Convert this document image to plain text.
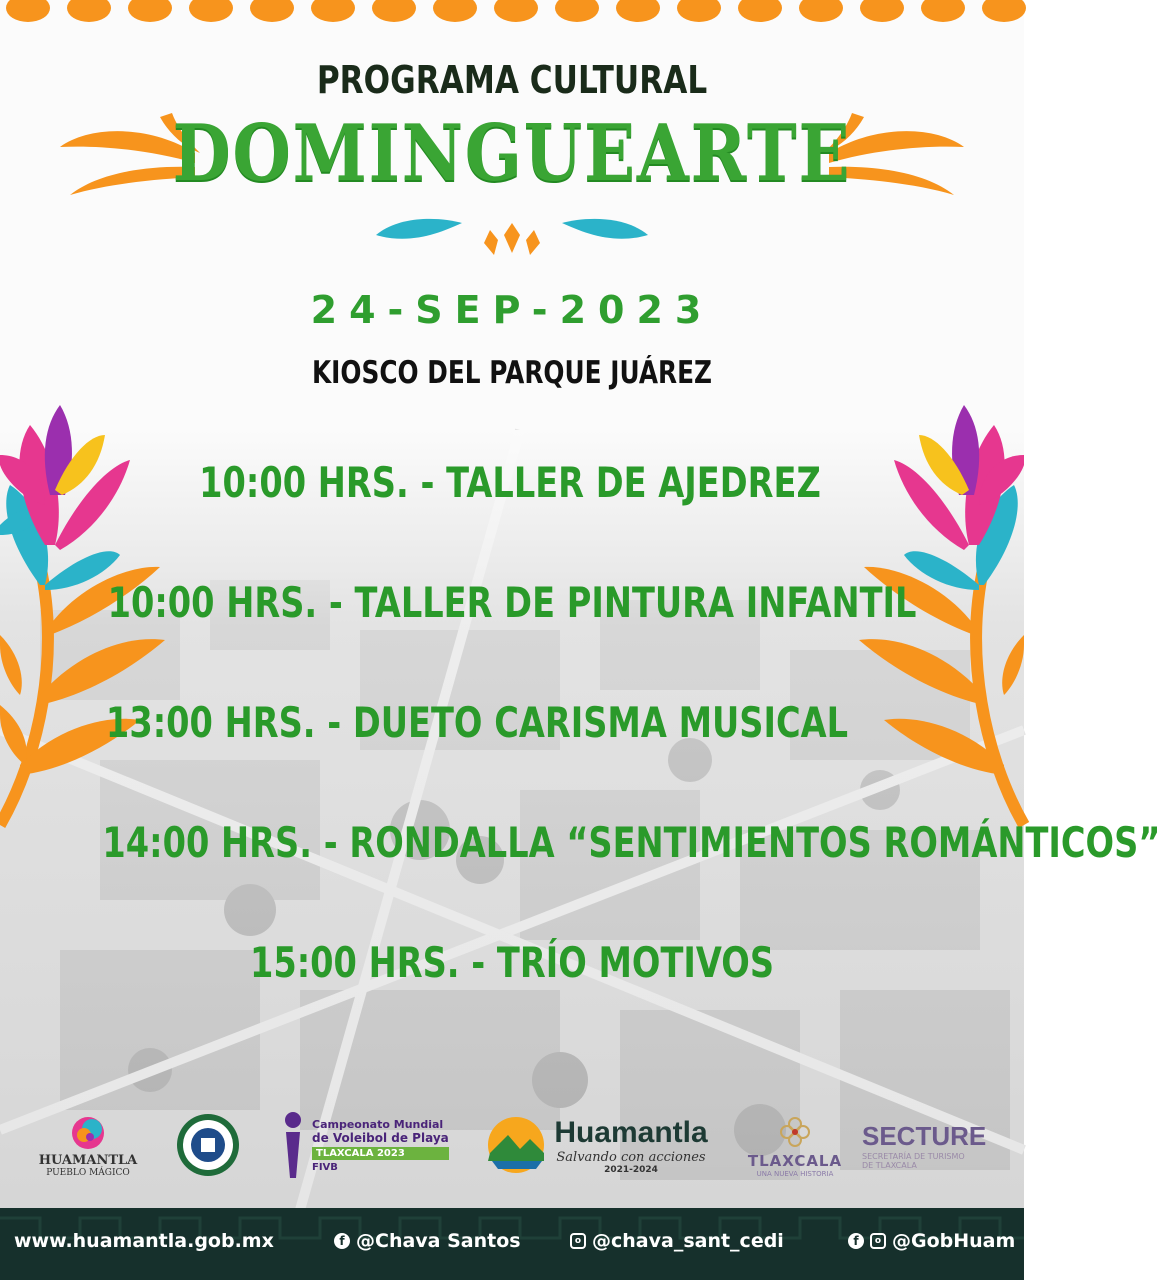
PROGRAMA CULTURAL
DOMINGUEARTE
24-SEP-2023
KIOSCO DEL PARQUE JUÁREZ
10:00 HRS. - TALLER DE AJEDREZ
10:00 HRS. - TALLER DE PINTURA INFANTIL
13:00 HRS. - DUETO CARISMA MUSICAL
14:00 HRS. - RONDALLA “SENTIMIENTOS ROMÁNTICOS”
15:00 HRS. - TRÍO MOTIVOS
HUAMANTLA
PUEBLO MÁGICO
Campeonato Mundial
de Voleibol de Playa
TLAXCALA 2023
FIVB
Huamantla
Salvando con acciones
2021-2024	TLAXCALA
UNA NUEVA HISTORIA
SECTURE
SECRETARÍA DE TURISMO
DE TLAXCALA
www.huamantla.gob.mx	f @Chava Santos	o @chava_sant_cedi	f	o @GobHuam
